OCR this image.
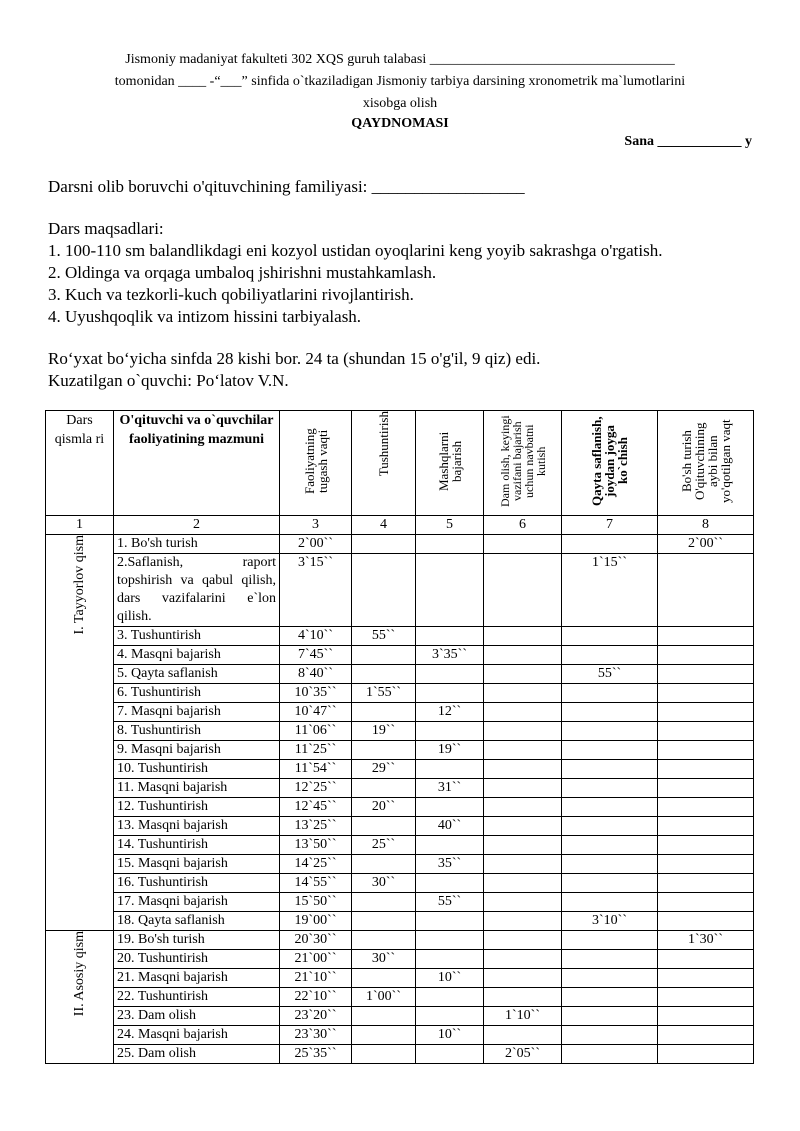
Jismoniy madaniyat fakulteti 302 XQS guruh talabasi ___________________________________
tomonidan ____ -“___” sinfida o`tkaziladigan Jismoniy tarbiya darsining xronometrik ma`lumotlarini
xisobga olish
QAYDNOMASI
Sana ____________ y
Darsni olib boruvchi o'qituvchining familiyasi: __________________
Dars maqsadlari:
1. 100-110 sm balandlikdagi eni kozyol ustidan oyoqlarini keng yoyib sakrashga o'rgatish.
2. Oldinga va orqaga umbaloq jshirishni mustahkamlash.
3. Kuch va tezkorli-kuch qobiliyatlarini rivojlantirish.
4. Uyushqoqlik va intizom hissini tarbiyalash.
Ro‘yxat bo‘yicha sinfda 28 kishi bor. 24 ta (shundan 15 o'g'il, 9 qiz) edi.
Kuzatilgan o`quvchi: Po‘latov V.N.
Dars qismla ri	O'qituvchi va o`quvchilar faoliyatining mazmuni	Faoliyatning tugash vaqti	Tushuntirish	Mashqlarni bajarish	Dam olish, keyingi vazifani bajarish uchun navbatni kutish	Qayta saflanish, joydan joyga ko`chish	Bo'sh turish O'qituvchining aybi bilan yo'qotilgan vaqt

1	2	3	4	5	6	7	8

I. Tayyorlov qism	1. Bo'sh turish	2`00``					2`00``
	2.Saflanish, raport topshirish va qabul qilish, dars vazifalarini e`lon qilish.	3`15``				1`15``	
	3. Tushuntirish	4`10``	55``				
	4. Masqni bajarish	7`45``		3`35``			
	5. Qayta saflanish	8`40``				55``	
	6. Tushuntirish	10`35``	1`55``				
	7. Masqni bajarish	10`47``		12``			
	8. Tushuntirish	11`06``	19``				
	9. Masqni bajarish	11`25``		19``			
	10. Tushuntirish	11`54``	29``				
	11. Masqni bajarish	12`25``		31``			
	12. Tushuntirish	12`45``	20``				
	13. Masqni bajarish	13`25``		40``			
	14. Tushuntirish	13`50``	25``				
	15. Masqni bajarish	14`25``		35``			
	16. Tushuntirish	14`55``	30``				
	17. Masqni bajarish	15`50``		55``			
	18. Qayta saflanish	19`00``				3`10``	

II. Asosiy qism	19. Bo'sh turish	20`30``					1`30``
	20. Tushuntirish	21`00``	30``				
	21. Masqni bajarish	21`10``		10``			
	22. Tushuntirish	22`10``	1`00``				
	23. Dam olish	23`20``			1`10``		
	24. Masqni bajarish	23`30``		10``			
	25. Dam olish	25`35``			2`05``		
